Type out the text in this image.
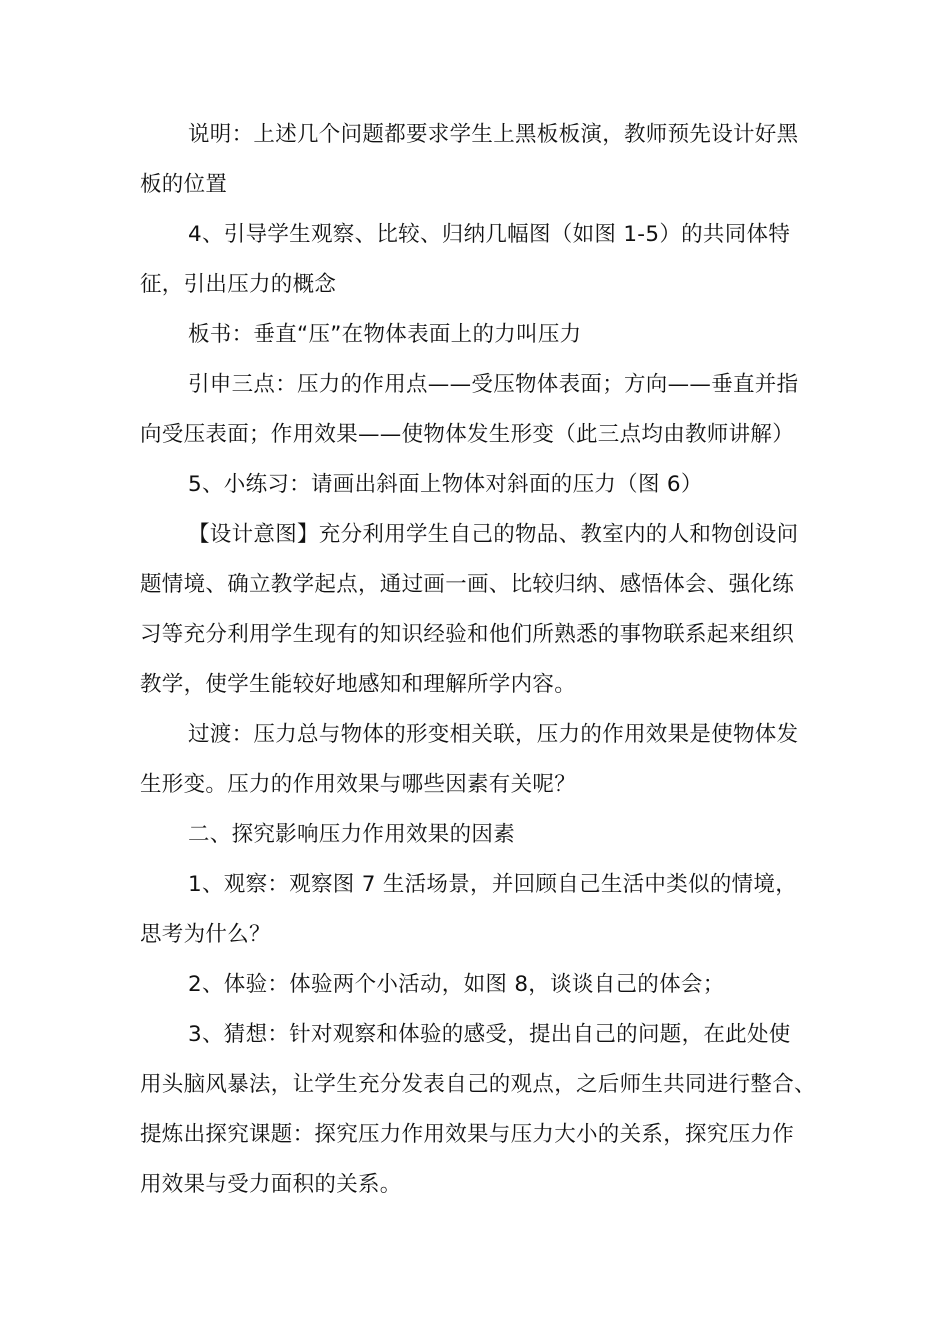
说明：上述几个问题都要求学生上黑板板演，教师预先设计好黑
板的位置

4、引导学生观察、比较、归纳几幅图（如图 1-5）的共同体特
征，引出压力的概念

板书：垂直“压”在物体表面上的力叫压力

引申三点：压力的作用点——受压物体表面；方向——垂直并指
向受压表面；作用效果——使物体发生形变（此三点均由教师讲解）

5、小练习：请画出斜面上物体对斜面的压力（图 6）

【设计意图】充分利用学生自己的物品、教室内的人和物创设问
题情境、确立教学起点，通过画一画、比较归纳、感悟体会、强化练
习等充分利用学生现有的知识经验和他们所熟悉的事物联系起来组织
教学，使学生能较好地感知和理解所学内容。

过渡：压力总与物体的形变相关联，压力的作用效果是使物体发
生形变。压力的作用效果与哪些因素有关呢？

二、探究影响压力作用效果的因素

1、观察：观察图 7 生活场景，并回顾自己生活中类似的情境，
思考为什么？

2、体验：体验两个小活动，如图 8，谈谈自己的体会；

3、猜想：针对观察和体验的感受，提出自己的问题，在此处使
用头脑风暴法，让学生充分发表自己的观点，之后师生共同进行整合、
提炼出探究课题：探究压力作用效果与压力大小的关系，探究压力作
用效果与受力面积的关系。
